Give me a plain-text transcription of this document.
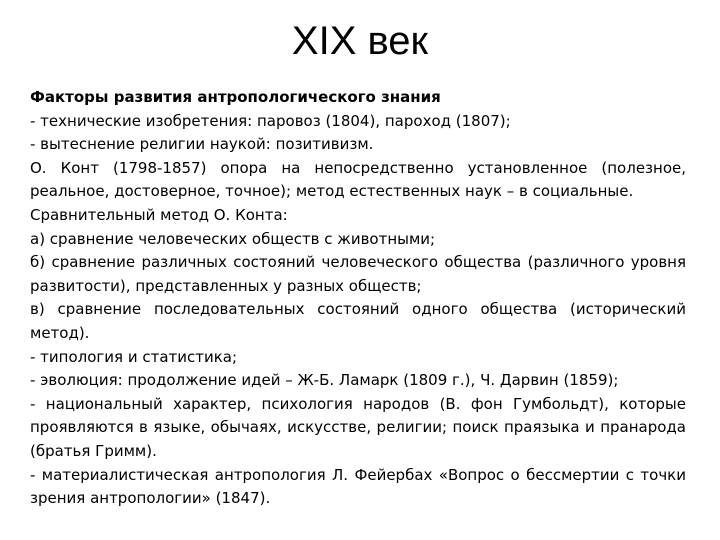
XIX век
Факторы развития антропологического знания
- технические изобретения: паровоз (1804), пароход (1807);
- вытеснение религии наукой: позитивизм.
О. Конт (1798-1857) опора на непосредственно установленное (полезное, реальное, достоверное, точное); метод естественных наук – в социальные.
Сравнительный метод О. Конта:
а) сравнение человеческих обществ с животными;
б) сравнение различных состояний человеческого общества (различного уровня развитости), представленных у разных обществ;
в) сравнение последовательных состояний одного общества (исторический метод).
- типология и статистика;
- эволюция: продолжение идей – Ж-Б. Ламарк (1809 г.), Ч. Дарвин (1859);
- национальный характер, психология народов (В. фон Гумбольдт), которые проявляются в языке, обычаях, искусстве, религии; поиск праязыка и пранарода (братья Гримм).
- материалистическая антропология Л. Фейербах «Вопрос о бессмертии с точки зрения антропологии» (1847).
